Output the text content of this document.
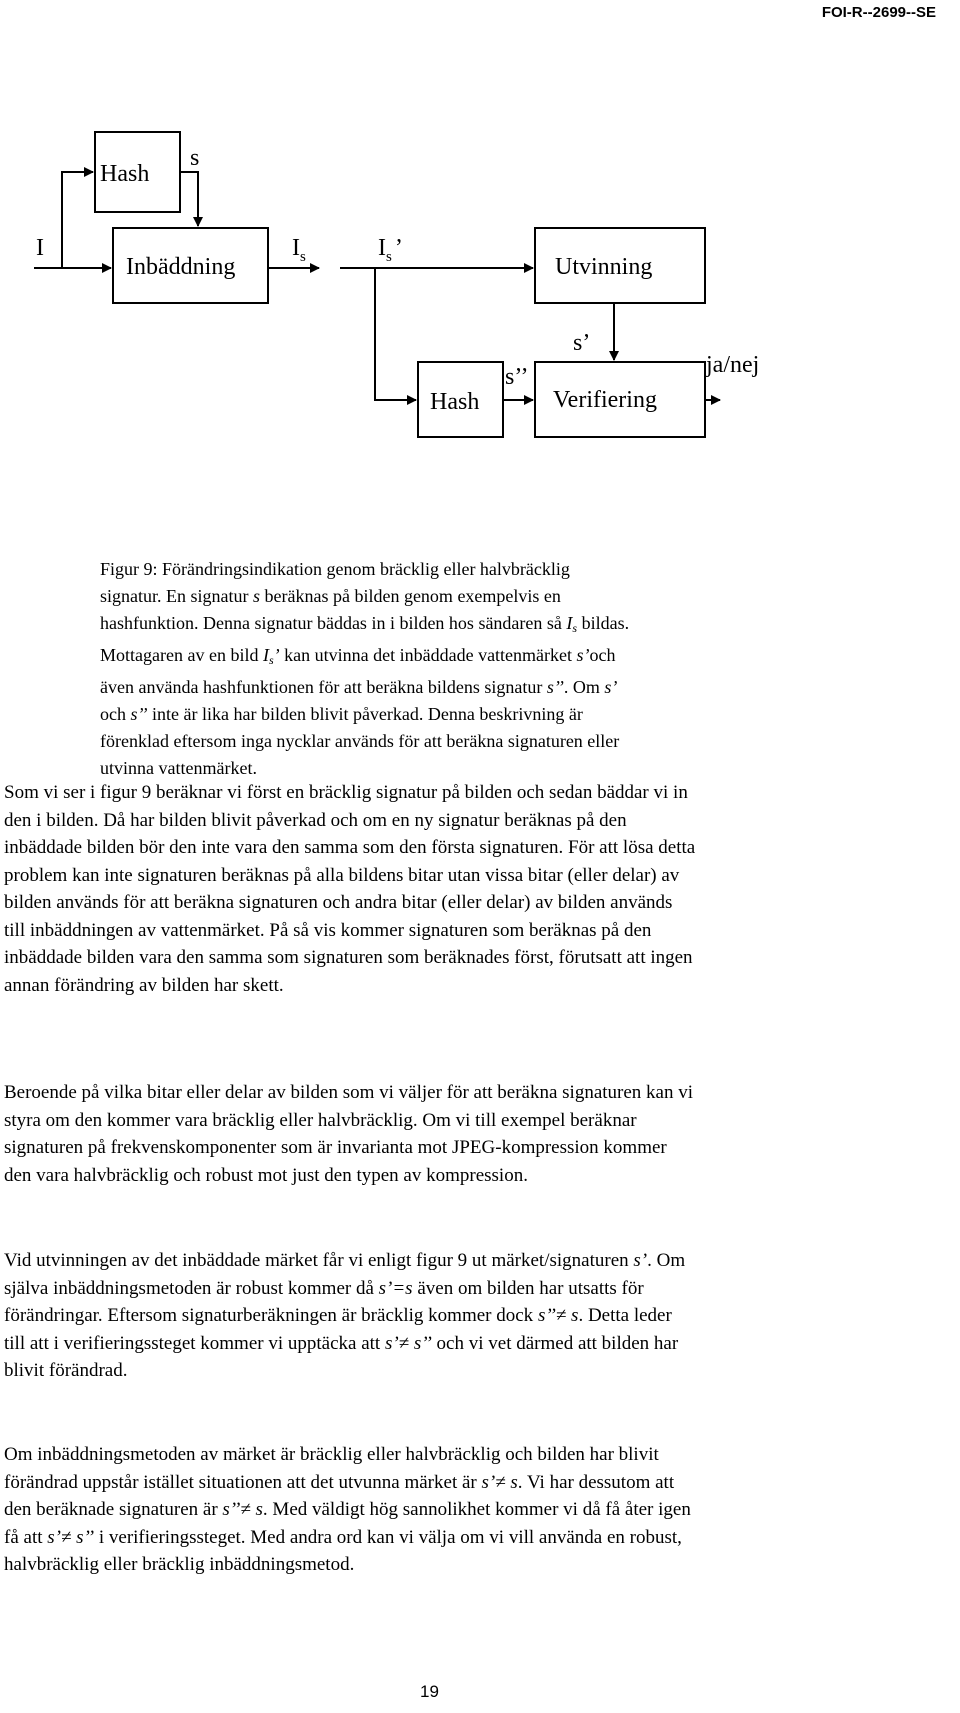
FOI-R--2699--SE
Hash
s
I
Inbäddning
$I_s$	$I_s$ ’
Utvinning
s’
s’’
Hash	Verifiering
ja/nej
Figur 9: Förändringsindikation genom bräcklig eller halvbräcklig
signatur. En signatur s beräknas på bilden genom exempelvis en
hashfunktion. Denna signatur bäddas in i bilden hos sändaren så $I_s$ bildas.
Mottagaren av en bild $I_s$’ kan utvinna det inbäddade vattenmärket s’och
även använda hashfunktionen för att beräkna bildens signatur s’’. Om s’
och s’’ inte är lika har bilden blivit påverkad. Denna beskrivning är
förenklad eftersom inga nycklar används för att beräkna signaturen eller
utvinna vattenmärket.
Som vi ser i figur 9 beräknar vi först en bräcklig signatur på bilden och sedan bäddar vi in
den i bilden. Då har bilden blivit påverkad och om en ny signatur beräknas på den
inbäddade bilden bör den inte vara den samma som den första signaturen. För att lösa detta
problem kan inte signaturen beräknas på alla bildens bitar utan vissa bitar (eller delar) av
bilden används för att beräkna signaturen och andra bitar (eller delar) av bilden används
till inbäddningen av vattenmärket. På så vis kommer signaturen som beräknas på den
inbäddade bilden vara den samma som signaturen som beräknades först, förutsatt att ingen
annan förändring av bilden har skett.
Beroende på vilka bitar eller delar av bilden som vi väljer för att beräkna signaturen kan vi
styra om den kommer vara bräcklig eller halvbräcklig. Om vi till exempel beräknar
signaturen på frekvenskomponenter som är invarianta mot JPEG-kompression kommer
den vara halvbräcklig och robust mot just den typen av kompression.
Vid utvinningen av det inbäddade märket får vi enligt figur 9 ut märket/signaturen s’. Om
själva inbäddningsmetoden är robust kommer då s’=s även om bilden har utsatts för
förändringar. Eftersom signaturberäkningen är bräcklig kommer dock s’’≠ s. Detta leder
till att i verifieringssteget kommer vi upptäcka att s’≠ s’’ och vi vet därmed att bilden har
blivit förändrad.
Om inbäddningsmetoden av märket är bräcklig eller halvbräcklig och bilden har blivit
förändrad uppstår istället situationen att det utvunna märket är s’≠ s. Vi har dessutom att
den beräknade signaturen är s’’≠ s. Med väldigt hög sannolikhet kommer vi då få åter igen
få att s’≠ s’’ i verifieringssteget. Med andra ord kan vi välja om vi vill använda en robust,
halvbräcklig eller bräcklig inbäddningsmetod.
19
